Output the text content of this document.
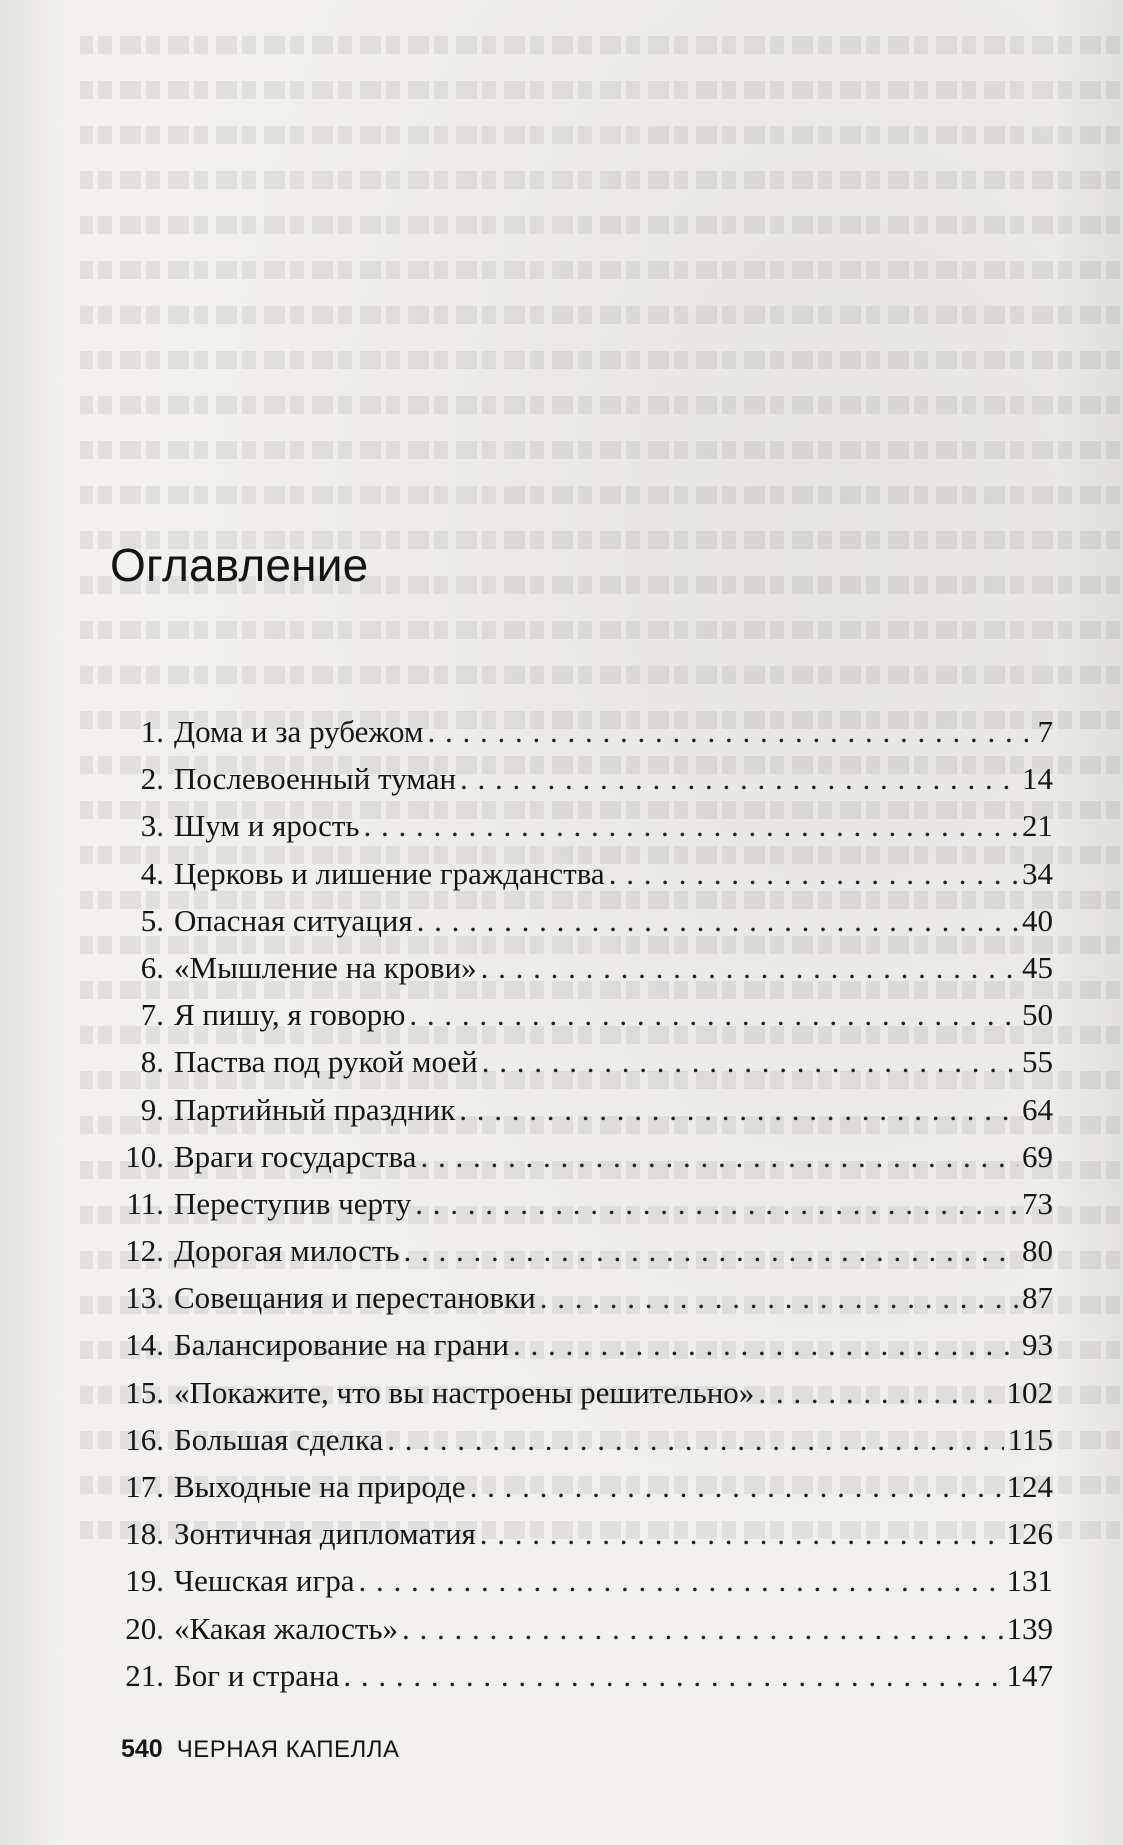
Оглавление
1. Дома и за рубежом . . .	7
2. Послевоенный туман . . .	14
3. Шум и ярость . . .	21
4. Церковь и лишение гражданства . . .	34
5. Опасная ситуация . . .	40
6. «Мышление на крови» . . .	45
7. Я пишу, я говорю . . .	50
8. Паства под рукой моей . . .	55
9. Партийный праздник . . .	64
10. Враги государства . . .	69
11. Переступив черту . . .	73
12. Дорогая милость . . .	80
13. Совещания и перестановки . . .	87
14. Балансирование на грани . . .	93
15. «Покажите, что вы настроены решительно» . . .	102
16. Большая сделка . . .	115
17. Выходные на природе . . .	124
18. Зонтичная дипломатия . . .	126
19. Чешская игра . . .	131
20. «Какая жалость» . . .	139
21. Бог и страна . . .	147
540 ЧЕРНАЯ КАПЕЛЛА
